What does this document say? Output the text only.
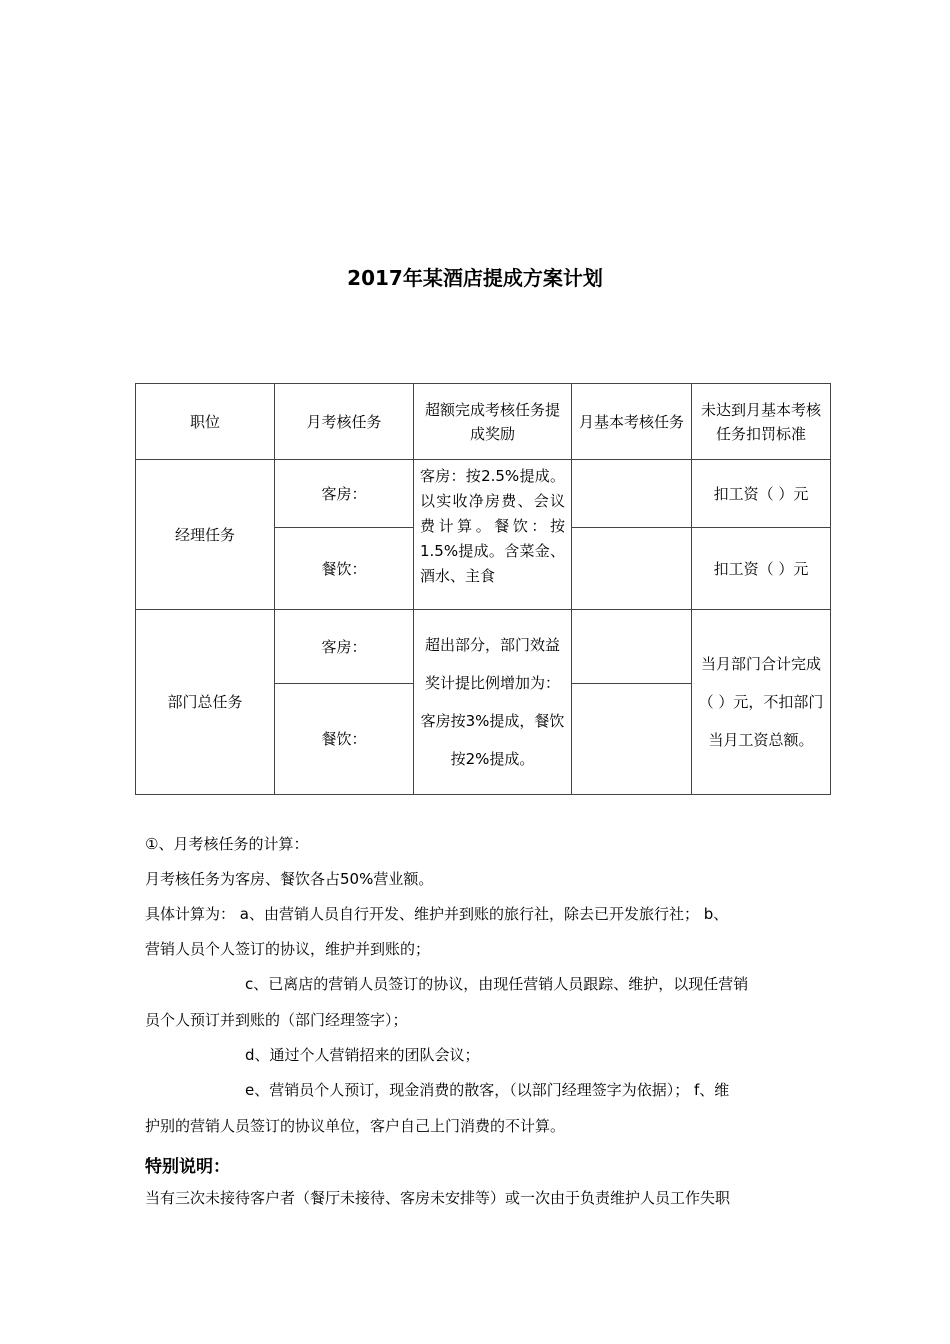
2017年某酒店提成方案计划
职位	月考核任务	超额完成考核任务提成奖励	月基本考核任务	未达到月基本考核任务扣罚标准
经理任务	客房：	客房：按2.5%提成。以实收净房费、会议费计算。餐饮：按1.5%提成。含菜金、酒水、主食		扣工资（ ）元
	餐饮：			扣工资（ ）元
部门总任务	客房：	超出部分，部门效益奖计提比例增加为：客房按3%提成，餐饮按2%提成。		当月部门合计完成 （ ）元，不扣部门当月工资总额。
	餐饮：			
①、月考核任务的计算：
月考核任务为客房、餐饮各占50%营业额。
具体计算为： a、由营销人员自行开发、维护并到账的旅行社，除去已开发旅行社； b、
营销人员个人签订的协议，维护并到账的；
c、已离店的营销人员签订的协议，由现任营销人员跟踪、维护，以现任营销
员个人预订并到账的（部门经理签字）；
d、通过个人营销招来的团队会议；
e、营销员个人预订，现金消费的散客，（以部门经理签字为依据）； f、维
护别的营销人员签订的协议单位，客户自己上门消费的不计算。
特别说明：
当有三次未接待客户者（餐厅未接待、客房未安排等）或一次由于负责维护人员工作失职
